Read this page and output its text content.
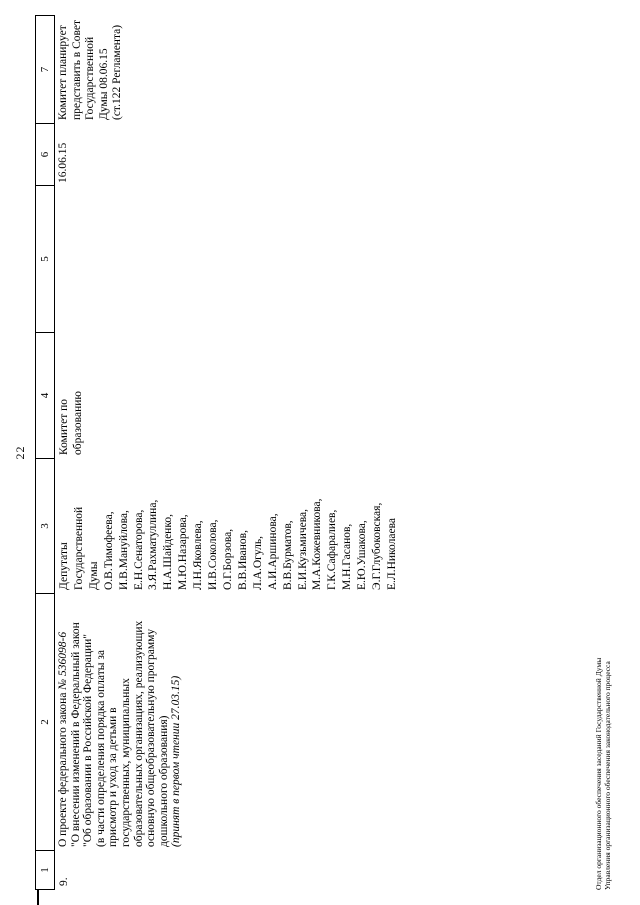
22
1
2
3
4
5
6
7
9.
О проекте федерального закона № 536098-6 "О внесении изменений в Федеральный закон "Об образовании в Российской Федерации" (в части определения порядка оплаты за присмотр и уход за детьми в государственных, муниципальных образовательных организациях, реализующих основную общеобразовательную программу дошкольного образования) (принят в первом чтении 27.03.15)
Депутаты Государственной Думы О.В.Тимофеева, И.В.Мануйлова, Е.Н.Сенаторова, З.Я.Рахматуллина, Н.А.Шайденко, М.Ю.Назарова, Л.Н.Яковлева, И.В.Соколова, О.Г.Борзова, В.В.Иванов, Л.А.Огуль, А.И.Аршинова, В.В.Бурматов, Е.И.Кузьмичева, М.А.Кожевникова, Г.К.Сафаралиев, М.Н.Гасанов, Е.Ю.Ушакова, Э.Г.Глубоковская, Е.Л.Николаева
Комитет по образованию
16.06.15
Комитет планирует представить в Совет Государственной Думы 08.06.15 (ст.122 Регламента)
Отдел организационного обеспечения заседаний Государственной Думы Управления организационного обеспечения законодательного процесса
